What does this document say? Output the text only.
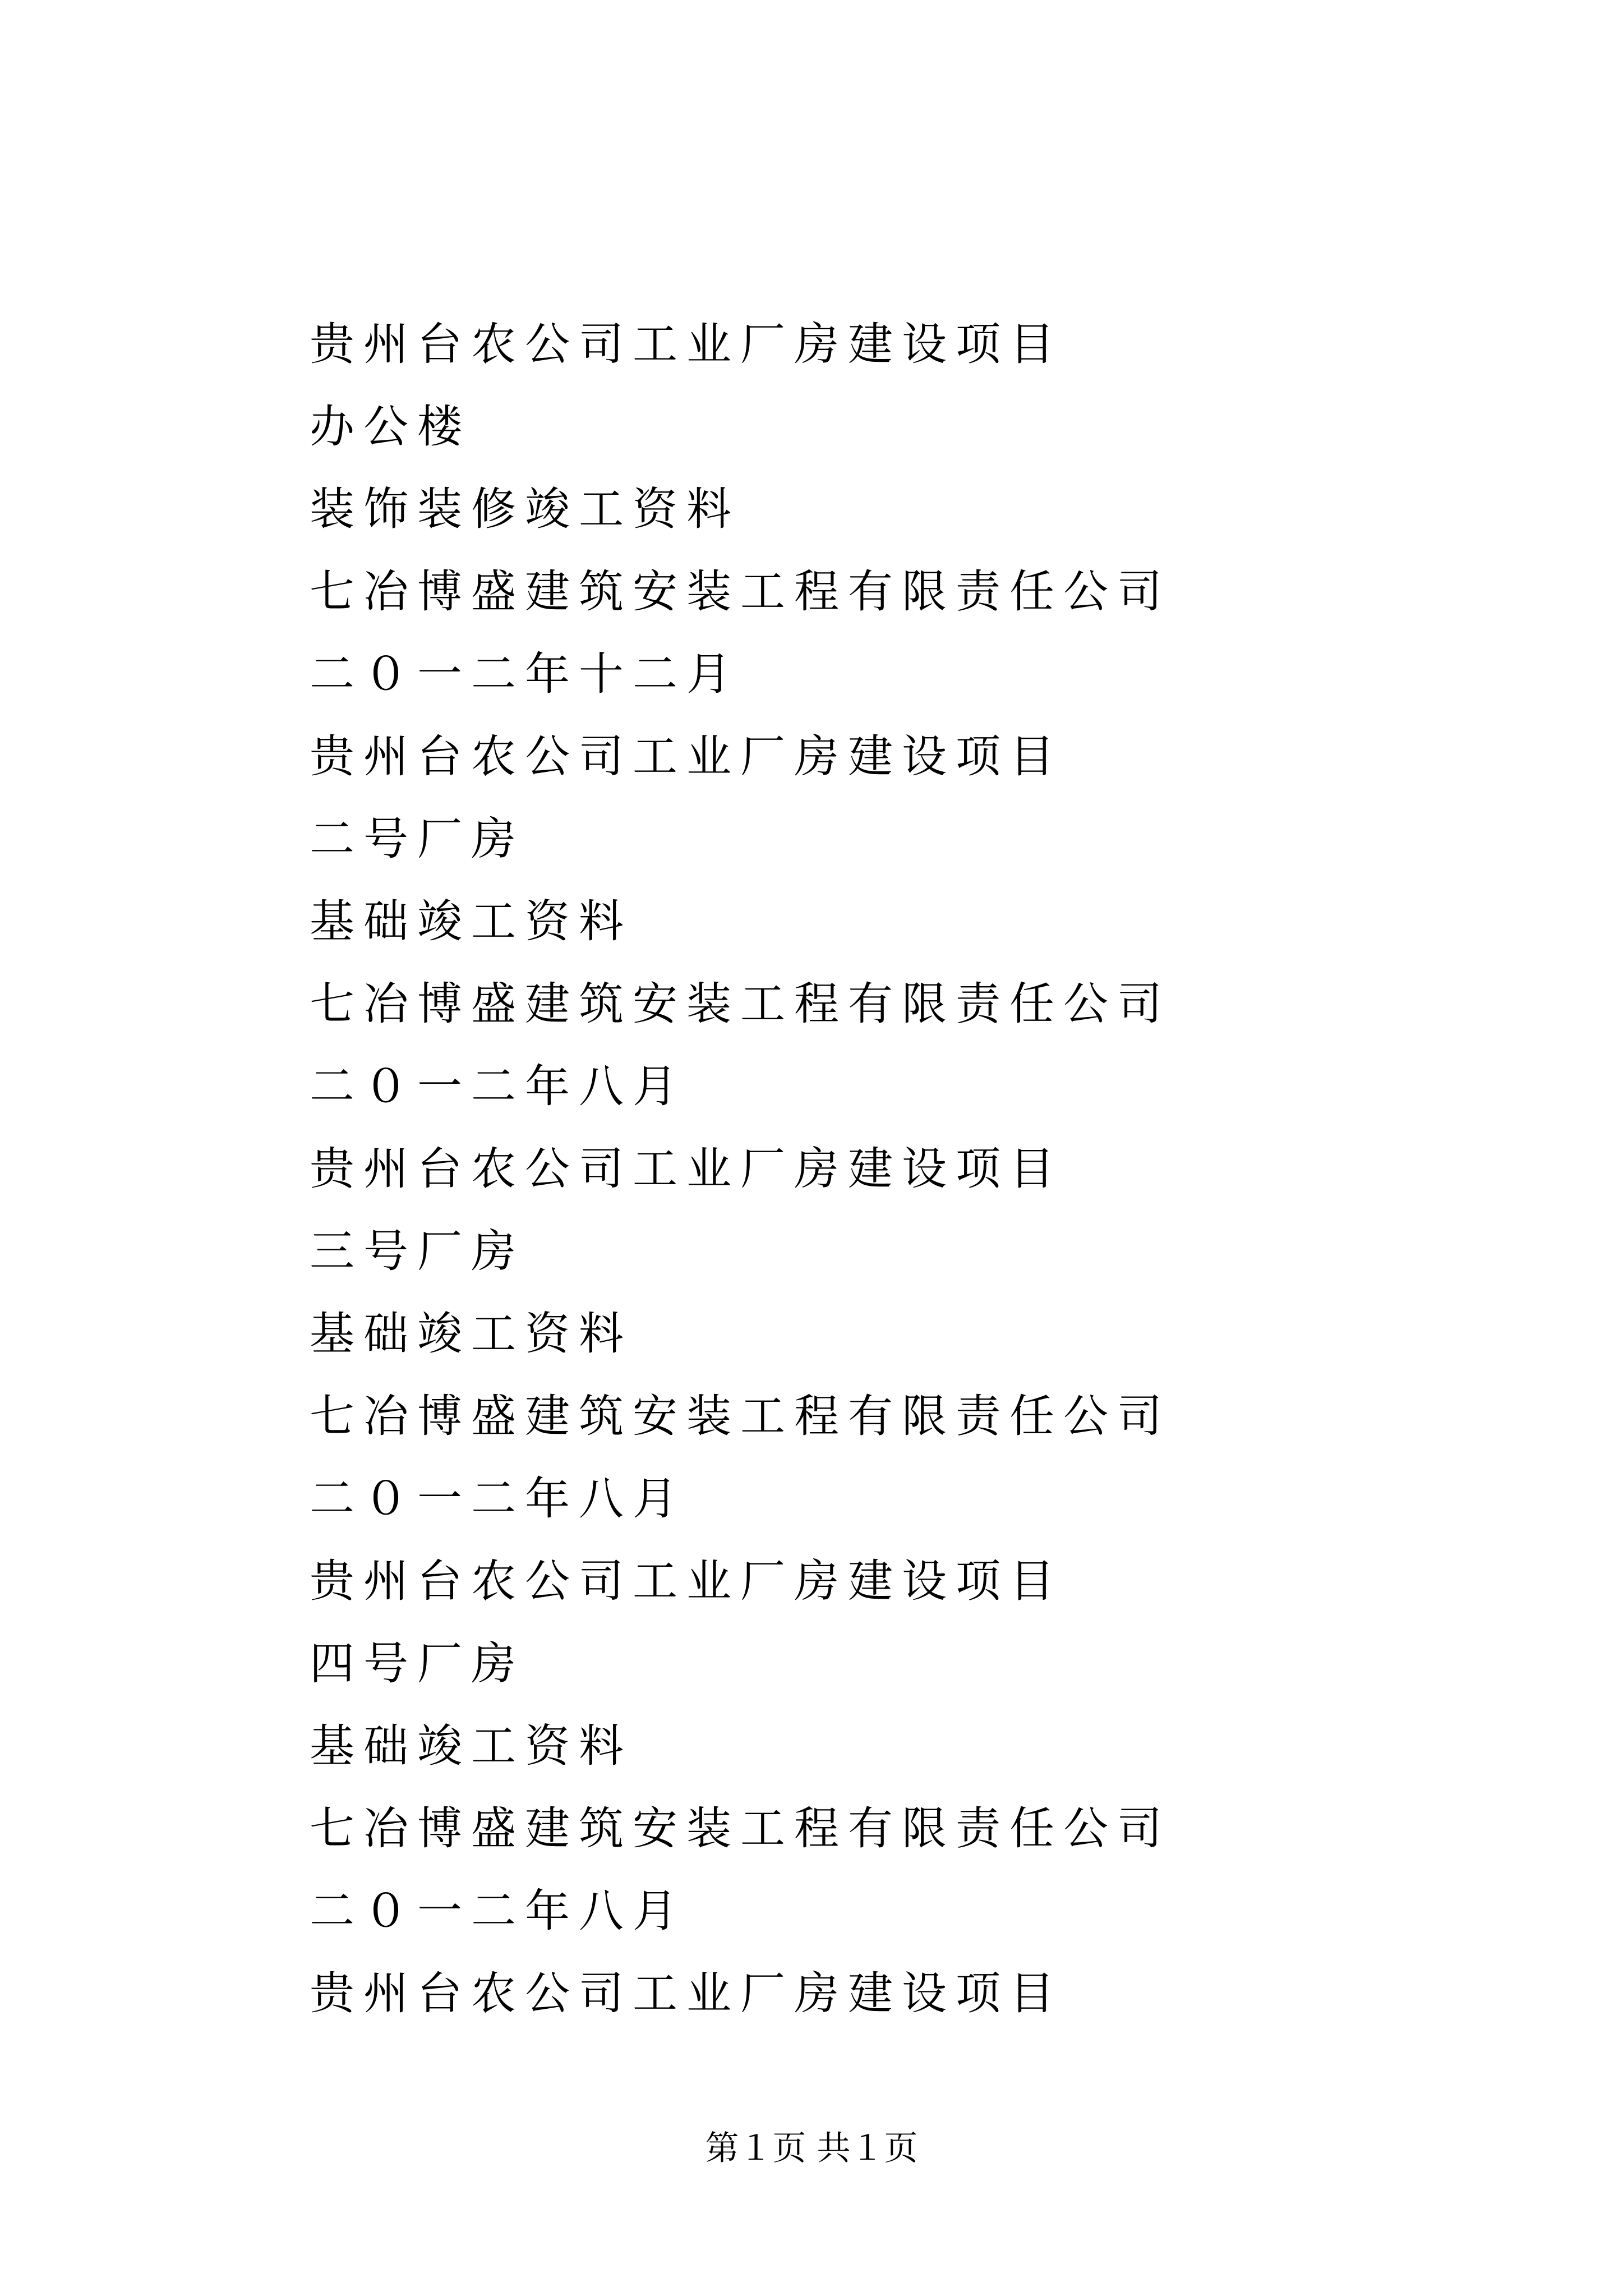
贵州台农公司工业厂房建设项目
办公楼
装饰装修竣工资料
七冶博盛建筑安装工程有限责任公司
二０一二年十二月
贵州台农公司工业厂房建设项目
二号厂房
基础竣工资料
七冶博盛建筑安装工程有限责任公司
二０一二年八月
贵州台农公司工业厂房建设项目
三号厂房
基础竣工资料
七冶博盛建筑安装工程有限责任公司
二０一二年八月
贵州台农公司工业厂房建设项目
四号厂房
基础竣工资料
七冶博盛建筑安装工程有限责任公司
二０一二年八月
贵州台农公司工业厂房建设项目
第１页 共１页
